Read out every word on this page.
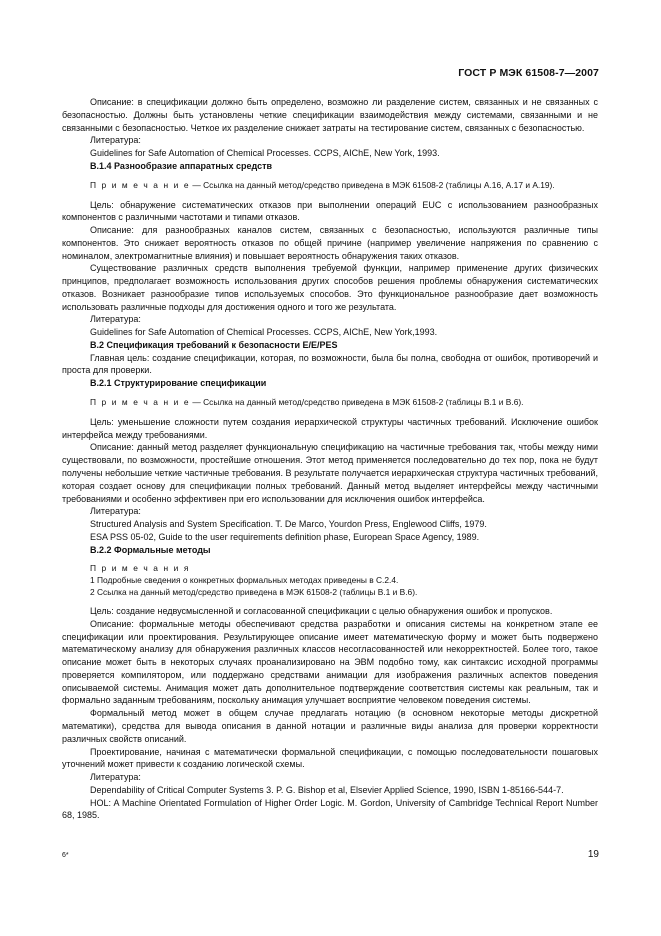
ГОСТ Р МЭК 61508-7—2007

Описание: в спецификации должно быть определено, возможно ли разделение систем, связанных и не связанных с безопасностью. Должны быть установлены четкие спецификации взаимодействия между системами, связанными и не связанными с безопасностью. Четкое их разделение снижает затраты на тестирование систем, связанных с безопасностью.

Литература:

Guidelines for Safe Automation of Chemical Processes. CCPS, AIChE, New York, 1993.

B.1.4 Разнообразие аппаратных средств

П р и м е ч а н и е — Ссылка на данный метод/средство приведена в МЭК 61508-2 (таблицы А.16, А.17 и А.19).

Цель: обнаружение систематических отказов при выполнении операций EUC с использованием разнообразных компонентов с различными частотами и типами отказов.

Описание: для разнообразных каналов систем, связанных с безопасностью, используются различные типы компонентов. Это снижает вероятность отказов по общей причине (например увеличение напряжения по сравнению с номиналом, электромагнитные влияния) и повышает вероятность обнаружения таких отказов.

Существование различных средств выполнения требуемой функции, например применение других физических принципов, предполагает возможность использования других способов решения проблемы обнаружения систематических отказов. Возникает разнообразие типов используемых способов. Это функциональное разнообразие дает возможность использовать различные подходы для достижения одного и того же результата.

Литература:

Guidelines for Safe Automation of Chemical Processes. CCPS, AIChE, New York,1993.

B.2 Спецификация требований к безопасности E/E/PES

Главная цель: создание спецификации, которая, по возможности, была бы полна, свободна от ошибок, противоречий и проста для проверки.

B.2.1 Структурирование спецификации

П р и м е ч а н и е — Ссылка на данный метод/средство приведена в МЭК 61508-2 (таблицы В.1 и В.6).

Цель: уменьшение сложности путем создания иерархической структуры частичных требований. Исключение ошибок интерфейса между требованиями.

Описание: данный метод разделяет функциональную спецификацию на частичные требования так, чтобы между ними существовали, по возможности, простейшие отношения. Этот метод применяется последовательно до тех пор, пока не будут получены небольшие четкие частичные требования. В результате получается иерархическая структура частичных требований, которая создает основу для спецификации полных требований. Данный метод выделяет интерфейсы между частичными требованиями и особенно эффективен при его использовании для исключения ошибок интерфейса.

Литература:

Structured Analysis and System Specification. T. De Marco, Yourdon Press, Englewood Cliffs, 1979.

ESA PSS 05-02, Guide to the user requirements definition phase, European Space Agency, 1989.

B.2.2 Формальные методы

П р и м е ч а н и я

1 Подробные сведения о конкретных формальных методах приведены в С.2.4.

2 Ссылка на данный метод/средство приведена в МЭК 61508-2 (таблицы В.1 и В.6).

Цель: создание недвусмысленной и согласованной спецификации с целью обнаружения ошибок и пропусков.

Описание: формальные методы обеспечивают средства разработки и описания системы на конкретном этапе ее спецификации или проектирования. Результирующее описание имеет математическую форму и может быть подвержено математическому анализу для обнаружения различных классов несогласованностей или некорректностей. Более того, такое описание может быть в некоторых случаях проанализировано на ЭВМ подобно тому, как синтаксис исходной программы проверяется компилятором, или поддержано средствами анимации для изображения различных аспектов поведения описываемой системы. Анимация может дать дополнительное подтверждение соответствия системы как реальным, так и формально заданным требованиям, поскольку анимация улучшает восприятие человеком поведения системы.

Формальный метод может в общем случае предлагать нотацию (в основном некоторые методы дискретной математики), средства для вывода описания в данной нотации и различные виды анализа для проверки корректности различных свойств описаний.

Проектирование, начиная с математически формальной спецификации, с помощью последовательности пошаговых уточнений может привести к созданию логической схемы.

Литература:

Dependability of Critical Computer Systems 3. P. G. Bishop et al, Elsevier Applied Science, 1990, ISBN 1-85166-544-7.

HOL: A Machine Orientated Formulation of Higher Order Logic. M. Gordon, University of Cambridge Technical Report Number 68, 1985.

6*	19
